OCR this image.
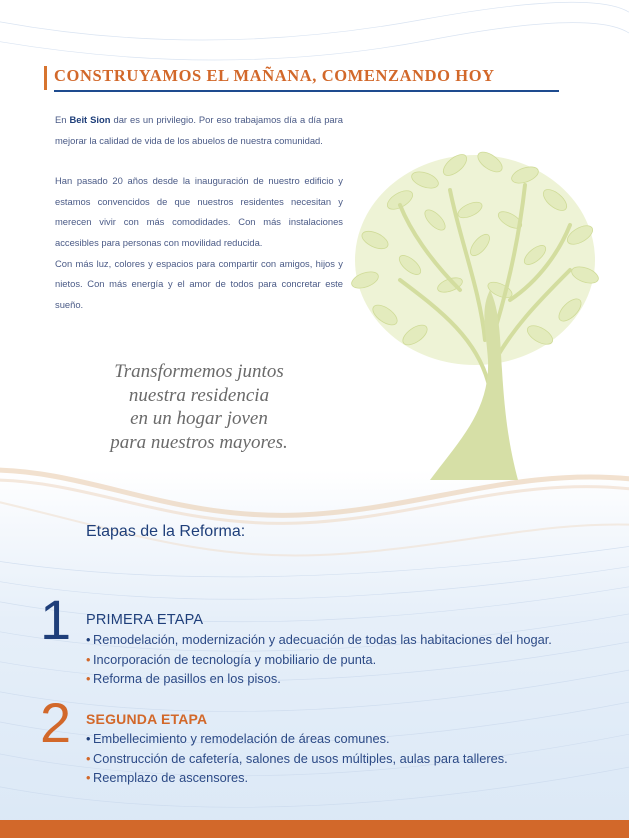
CONSTRUYAMOS EL MAÑANA, COMENZANDO HOY

En Beit Sion dar es un privilegio. Por eso trabajamos día a día para mejorar la calidad de vida de los abuelos de nuestra comunidad.

Han pasado 20 años desde la inauguración de nuestro edificio y estamos convencidos de que nuestros residentes necesitan y merecen vivir con más comodidades. Con más instalaciones accesibles para personas con movilidad reducida.

Con más luz, colores y espacios para compartir con amigos, hijos y nietos. Con más energía y el amor de todos para concretar este sueño.

Transformemos juntos
nuestra residencia
en un hogar joven
para nuestros mayores.
Etapas de la Reforma:
1 PRIMERA ETAPA
• Remodelación, modernización y adecuación de todas las habitaciones del hogar.
• Incorporación de tecnología y mobiliario de punta.
• Reforma de pasillos en los pisos.
2 SEGUNDA ETAPA
• Embellecimiento y remodelación de áreas comunes.
• Construcción de cafetería, salones de usos múltiples, aulas para talleres.
• Reemplazo de ascensores.
